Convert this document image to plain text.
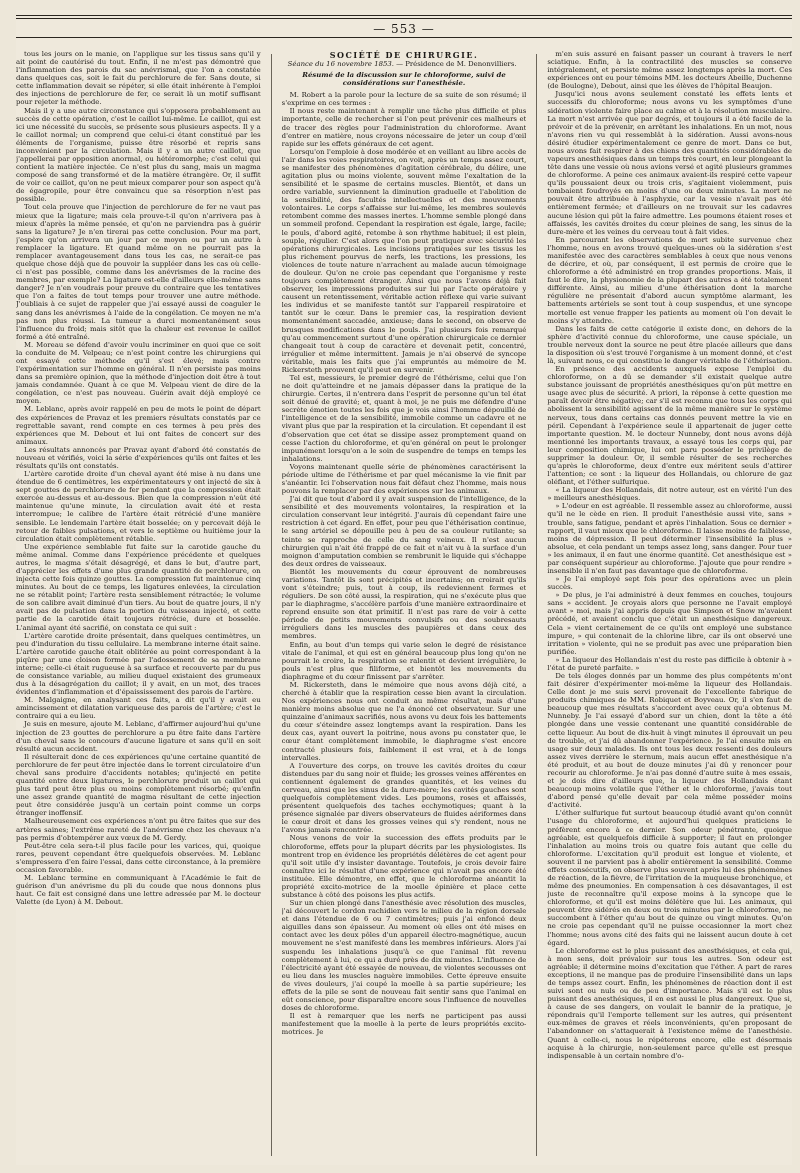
— 553 —

tous les jours on le manie, on l'applique sur les tissus sans qu'il y ait point de cautérisé du tout. Enfin, il ne m'est pas démontré que l'inflammation des parois du sac anévrismal, que l'on a constatée dans quelques cas, soit le fait du perchlorure de fer. Sans doute, si cette inflammation devait se répéter, si elle était inhérente à l'emploi des injections de perchlorure de fer, ce serait là un motif suffisant pour rejeter la méthode.

Mais il y a une autre circonstance qui s'opposera probablement au succès de cette opération, c'est le caillot lui-même. Le caillot, qui est ici une nécessité du succès, se présente sous plusieurs aspects. Il y a le caillot normal; un comprend que celui-ci étant constitué par les éléments de l'organisme, puisse être résorbé et repris sans inconvénient par la circulation. Mais il y a un autre caillot, que j'appellerai par opposition anormal, ou hétéromorphe; c'est celui qui contient la matière injectée. Ce n'est plus du sang, mais un magma composé de sang transformé et de la matière étrangère. Or, il suffit de voir ce caillot, qu'on ne peut mieux comparer pour son aspect qu'à de égagropile, pour être convaincu que sa résorption n'est pas possible.

Tout cela prouve que l'injection de perchlorure de fer ne vaut pas mieux que la ligature; mais cela prouve-t-il qu'on n'arrivera pas à mieux d'après la même pensée, et qu'on ne parviendra pas à guérir sans la ligature? Je n'en tirerai pas cette conclusion. Pour ma part, j'espère qu'on arrivera un jour par ce moyen ou par un autre à remplacer la ligature. Et quand même on ne pourrait pas la remplacer avantageusement dans tous les cas, ne serait-ce pas quelque chose déjà que de pouvoir la suppléer dans les cas où celle-ci n'est pas possible, comme dans les anévrismes de la racine des membres, par exemple? La ligature est-elle d'ailleurs elle-même sans danger? Je n'en voudrais pour preuve du contraire que les tentatives que l'on a faites de tout temps pour trouver une autre méthode. J'oubliais à ce sujet de rappeler que j'ai essayé aussi de coaguler le sang dans les anévrismes à l'aide de la congélation. Ce moyen ne m'a pas non plus réussi. La tumeur a durci momentanément sous l'influence du froid; mais sitôt que la chaleur est revenue le caillot formé a été entraîné.

M. Moreau se défend d'avoir voulu incriminer en quoi que ce soit la conduite de M. Velpeau; ce n'est point contre les chirurgiens qui ont essayé cette méthode qu'il s'est élevé; mais contre l'expérimentation sur l'homme en général. Il n'en persiste pas moins dans sa première opinion, que la méthode d'injection doit être à tout jamais condamnée. Quant à ce que M. Velpeau vient de dire de la congélation, ce n'est pas nouveau. Guérin avait déjà employé ce moyen.

M. Leblanc, après avoir rappelé en peu de mots le point de départ des expériences de Pravaz et les premiers résultats constatés par ce regrettable savant, rend compte en ces termes à peu près des expériences que M. Debout et lui ont faites de concert sur des animaux.

Les résultats annoncés par Pravaz ayant d'abord été constatés de nouveau et vérifiés, voici la série d'expériences qu'ils ont faites et les résultats qu'ils ont constatés.

L'artère carotide droite d'un cheval ayant été mise à nu dans une étendue de 6 centimètres, les expérimentateurs y ont injecté de six à sept gouttes de perchlorure de fer pendant que la compression était exercée au-dessus et au-dessous. Bien que la compression n'eût été maintenue qu'une minute, la circulation avait été et resta interrompue; le calibre de l'artère était rétrécié d'une manière sensible. Le lendemain l'artère était bosselée; on y percevait déjà le retour de faibles pulsations, et vers le septième ou huitième jour la circulation était complètement rétablie.

Une expérience semblable fut faite sur la carotide gauche du même animal. Comme dans l'expérience précédente et quelques autres, le magma s'était désagrégé, et dans le but, d'autre part, d'apprécier les effets d'une plus grande quantité de perchlorure, on injecta cette fois quinze gouttes. La compression fut maintenue cinq minutes. Au bout de ce temps, les ligatures enlevées, la circulation ne se rétablit point; l'artère resta sensiblement rétractée; le volume de son calibre avait diminué d'un tiers. Au bout de quatre jours, il n'y avait pas de pulsation dans la portion du vaisseau injecté, et cette partie de la carotide était toujours rétrécie, dure et bosselée. L'animal ayant été sacrifié, on constata ce qui suit :

L'artère carotide droite présentait, dans quelques centimètres, un peu d'induration du tissu cellulaire. La membrane interne était saine. L'artère carotide gauche était oblitérée au point correspondant à la piqûre par une cloison formée par l'adossement de sa membrane interne; celle-ci était rugueuse à sa surface et recouverte par du pus de consistance variable, au milieu duquel existaient des grumeaux dus à la désagrégation du caillot; il y avait, en un mot, des traces évidentes d'inflammation et d'épaississement des parois de l'artère.

M. Malgaigne, en analysant ces faits, a dit qu'il y avait eu amincissement et dilatation variqueuse des parois de l'artère; c'est le contraire qui a eu lieu.

Je suis en mesure, ajoute M. Leblanc, d'affirmer aujourd'hui qu'une injection de 23 gouttes de perchlorure a pu être faite dans l'artère d'un cheval sans le concours d'aucune ligature et sans qu'il en soit résulté aucun accident.

Il résulterait donc de ces expériences qu'une certaine quantité de perchlorure de fer peut être injectée dans le torrent circulatoire d'un cheval sans produire d'accidents notables; qu'injecté en petite quantité entre deux ligatures, le perchlorure produit un caillot qui plus tard peut être plus ou moins complètement résorbé; qu'enfin une assez grande quantité de magma résultant de cette injection peut être considérée jusqu'à un certain point comme un corps étranger inoffensif.

Malheureusement ces expériences n'ont pu être faites que sur des artères saines; l'extrême rareté de l'anévrisme chez les chevaux n'a pas permis d'obtempérer aux vœux de M. Gerdy.

Peut-être cela sera-t-il plus facile pour les varices, qui, quoique rares, peuvent cependant être quelquefois observées. M. Leblanc s'empressera d'en faire l'essai, dans cette circonstance, à la première occasion favorable.

M. Leblanc termine en communiquant à l'Académie le fait de guérison d'un anévrisme du pli du coude que nous donnons plus haut. Ce fait est consigné dans une lettre adressée par M. le docteur Valette (de Lyon) à M. Debout.

SOCIÉTÉ DE CHIRURGIE.

Séance du 16 novembre 1853. — Présidence de M. Denonvilliers.

Résumé de la discussion sur le chloroforme, suivi de considérations sur l'anesthésie.

M. Robert a la parole pour la lecture de sa suite de son résumé; il s'exprime en ces termes :

Il nous reste maintenant à remplir une tâche plus difficile et plus importante, celle de rechercher si l'on peut prévenir ces malheurs et de tracer des règles pour l'administration du chloroforme. Avant d'entrer en matière, nous croyons nécessaire de jeter un coup d'œil rapide sur les effets généraux de cet agent.

Lorsqu'on l'emploie à dose modérée et en veillant au libre accès de l'air dans les voies respiratoires, on voit, après un temps assez court, se manifester des phénomènes d'agitation cérébrale, du délire, une agitation plus ou moins violente, souvent même l'exaltation de la sensibilité et le spasme de certains muscles. Bientôt, et dans un ordre variable, surviennent la diminution graduelle et l'abolition de la sensibilité, des facultés intellectuelles et des mouvements volontaires. Le corps s'affaisse sur lui-même, les membres soulevés retombent comme des masses inertes. L'homme semble plongé dans un sommeil profond. Cependant la respiration est égale, large, facile; le pouls, d'abord agité, retombe à son rhythme habituel; il est plein, souple, régulier. C'est alors que l'on peut pratiquer avec sécurité les opérations chirurgicales. Les incisions pratiquées sur les tissus les plus richement pourvus de nerfs, les tractions, les pressions, les violences de toute nature n'arrachent au malade aucun témoignage de douleur. Qu'on ne croie pas cependant que l'organisme y reste toujours complètement étranger. Ainsi que nous l'avons déjà fait observer, les impressions produites sur lui par l'acte opératoire y causent un retentissement, véritable action réflexe qui varie suivant les individus et se manifeste tantôt sur l'appareil respiratoire et tantôt sur le cœur. Dans le premier cas, la respiration devient momentanément saccadée, anxieuse; dans le second, on observe de brusques modifications dans le pouls. J'ai plusieurs fois remarqué qu'au commencement surtout d'une opération chirurgicale ce dernier changeait tout à coup de caractère et devenait petit, concentré, irrégulier et même intermittent. Jamais je n'ai observé de syncope véritable, mais les faits que j'ai empruntés au mémoire de M. Rickersteth prouvent qu'il peut en survenir.

Tel est, messieurs, le premier degré de l'éthérisme, celui que l'on ne doit qu'atteindre et ne jamais dépasser dans la pratique de la chirurgie. Certes, il n'entrera dans l'esprit de personne qu'un tel état soit dénué de gravité; et, quant à moi, je ne puis me défendre d'une secrète émotion toutes les fois que je vois ainsi l'homme dépouillé de l'intelligence et de la sensibilité, immobile comme un cadavre et ne vivant plus que par la respiration et la circulation. Et cependant il est d'observation que cet état se dissipe assez promptement quand on cesse l'action du chloroforme, et qu'en général on peut le prolonger impunément lorsqu'on a le soin de suspendre de temps en temps les inhalations.

Voyons maintenant quelle série de phénomènes caractérisent la période ultime de l'éthérisme et par quel mécanisme la vie finit par s'anéantir. Ici l'observation nous fait défaut chez l'homme, mais nous pouvons la remplacer par des expériences sur les animaux.

J'ai dit que tout d'abord il y avait suspension de l'intelligence, de la sensibilité et des mouvements volontaires, la respiration et la circulation conservant leur intégrité. J'aurais dû cependant faire une restriction à cet égard. En effet, pour peu que l'éthérisation continue, le sang artériel se dépouille peu à peu de sa couleur rutilante; sa teinte se rapproche de celle du sang veineux. Il n'est aucun chirurgien qui n'ait été frappé de ce fait et n'ait vu à la surface d'un moignon d'amputation combien se rembrunit le liquide qui s'échappe des deux ordres de vaisseaux.

Bientôt les mouvements du cœur éprouvent de nombreuses variations. Tantôt ils sont précipités et incertains; on croirait qu'ils vont s'éteindre; puis, tout à coup, ils redeviennent fermes et réguliers. De son côté aussi, la respiration, qui ne s'exécute plus que par le diaphragme, s'accélère parfois d'une manière extraordinaire et reprend ensuite son état primitif. Il n'est pas rare de voir à cette période de petits mouvements convulsifs ou des soubresauts irréguliers dans les muscles des paupières et dans ceux des membres.

Enfin, au bout d'un temps qui varie selon le degré de résistance vitale de l'animal, et qui est en général beaucoup plus long qu'on ne pourrait le croire, la respiration se ralentit et devient irrégulière, le pouls n'est plus que filiforme, et bientôt les mouvements du diaphragme et du cœur finissent par s'arrêter.

M. Rickersteth, dans le mémoire que nous avons déjà cité, a cherché à établir que la respiration cesse bien avant la circulation. Nos expériences nous ont conduit au même résultat, mais d'une manière moins absolue que ne l'a énoncé cet observateur. Sur une quinzaine d'animaux sacrifiés, nous avons vu deux fois les battements du cœur s'éteindre assez longtemps avant la respiration. Dans les deux cas, ayant ouvert la poitrine, nous avons pu constater que, le cœur étant complètement immobile, le diaphragme s'est encore contracté plusieurs fois, faiblement il est vrai, et à de longs intervalles.

A l'ouverture des corps, on trouve les cavités droites du cœur distendues par du sang noir et fluide; les grosses veines afférentes en contiennent également de grandes quantités, et les veines du cerveau, ainsi que les sinus de la dure-mère; les cavités gauches sont quelquefois complètement vides. Les poumons, roses et affaissés, présentent quelquefois des taches ecchymotiques; quant à la présence signalée par divers observateurs de fluides aériformes dans le cœur droit et dans les grosses veines qui s'y rendent, nous ne l'avons jamais rencontrée.

Nous venons de voir la succession des effets produits par le chloroforme, effets pour la plupart décrits par les physiologistes. Ils montrent trop en évidence les propriétés délétères de cet agent pour qu'il soit utile d'y insister davantage. Toutefois, je crois devoir faire connaître ici le résultat d'une expérience qui n'avait pas encore été instituée. Elle démontre, en effet, que le chloroforme anéantit la propriété excito-motrice de la moelle épinière et place cette substance à côté des poisons les plus actifs.

Sur un chien plongé dans l'anesthésie avec résolution des muscles, j'ai découvert le cordon rachidien vers le milieu de la région dorsale et dans l'étendue de 6 ou 7 centimètres; puis j'ai enfoncé deux aiguilles dans son épaisseur. Au moment où elles ont été mises en contact avec les deux pôles d'un appareil électro-magnétique, aucun mouvement ne s'est manifesté dans les membres inférieurs. Alors j'ai suspendu les inhalations jusqu'à ce que l'animal fût revenu complètement à lui, ce qui a duré près de dix minutes. L'influence de l'électricité ayant été essayée de nouveau, de violentes secousses ont eu lieu dans les muscles naguère immobiles. Cette épreuve ensuite de vives douleurs, j'ai coupé la moelle à sa partie supérieure; les effets de la pile se sont de nouveau fait sentir sans que l'animal en eût conscience, pour disparaître encore sous l'influence de nouvelles doses de chloroforme.

Il est à remarquer que les nerfs ne participent pas aussi manifestement que la moelle à la perte de leurs propriétés excito-motrices. Je

m'en suis assuré en faisant passer un courant à travers le nerf sciatique. Enfin, à la contractilité des muscles se conserve intégralement, et persiste même assez longtemps après la mort. Ces expériences ont eu pour témoins MM. les docteurs Abeille, Duchenne (de Boulogne), Debout, ainsi que les élèves de l'hôpital Beaujon.

Jusqu'ici nous avons seulement constaté les effets lents et successifs du chloroforme; nous avons vu les symptômes d'une sidération violente faire place au calme et à la résolution musculaire. La mort n'est arrivée que par degrés, et toujours il a été facile de la prévoir et de la prévenir, en arrêtant les inhalations. En un mot, nous n'avons rien vu qui ressemblât à la sidération. Aussi avons-nous désiré étudier expérimentalement ce genre de mort. Dans ce but, nous avons fait respirer à des chiens des quantités considérables de vapeurs anesthésiques dans un temps très court, en leur plongeant la tête dans une vessie où nous avions versé et agité plusieurs grammes de chloroforme. A peine ces animaux avaient-ils respiré cette vapeur qu'ils poussaient deux ou trois cris, s'agitaient violemment, puis tombaient foudroyés en moins d'une ou deux minutes. La mort ne pouvait être attribuée à l'asphyxie, car la vessie n'avait pas été entièrement fermée; et d'ailleurs on ne trouvait sur les cadavres aucune lésion qui pût la faire admettre. Les poumons étaient roses et affaissés, les cavités droites du cœur pleines de sang, les sinus de la dure-mère et les veines du cerveau tout à fait vides.

En parcourant les observations de mort subite survenue chez l'homme, nous en avons trouvé quelques-unes où la sidération s'est manifestée avec des caractères semblables à ceux que nous venons de décrire, et où, par conséquent, il est permis de croire que le chloroforme a été administré en trop grandes proportions. Mais, il faut le dire, la physionomie de la plupart des autres a été totalement différente. Ainsi, au milieu d'une éthérisation dont la marche régulière ne présentait d'abord aucun symptôme alarmant, les battements artériels se sont tout à coup suspendus, et une syncope mortelle est venue frapper les patients au moment où l'on devait le moins s'y attendre.

Dans les faits de cette catégorie il existe donc, en dehors de la sphère d'activité connue du chloroforme, une cause spéciale, un trouble nerveux dont la source ne peut être placée ailleurs que dans la disposition où s'est trouvé l'organisme à un moment donné, et c'est là, suivant nous, ce qui constitue le danger véritable de l'éthérisation.

En présence des accidents auxquels expose l'emploi du chloroforme, on a dû se demander s'il existait quelque autre substance jouissant de propriétés anesthésiques qu'on pût mettre en usage avec plus de sécurité. A priori, la réponse à cette question me paraît devoir être négative; car s'il est reconnu que tous les corps qui abolissent la sensibilité agissent de la même manière sur le système nerveux, tous dans certains cas donnés peuvent mettre la vie en péril. Cependant à l'expérience seule il appartenait de juger cette importante question. M. le docteur Nunneby, dont nous avons déjà mentionné les importants travaux, a essayé tous les corps qui, par leur composition chimique, lui ont paru posséder le privilège de supprimer la douleur. Or, il semble résulter de ses recherches qu'après le chloroforme, deux d'entre eux méritent seuls d'attirer l'attention; ce sont : la liqueur des Hollandais, ou chlorure de gaz oléfiant, et l'éther sulfurique.

« La liqueur des Hollandais, dit notre auteur, est en vérité l'un des » meilleurs anesthésiques.

» L'odeur en est agréable. Il ressemble assez au chloroforme, aussi qu'il ne le cède en rien. Il produit l'anesthésie aussi vite, sans » trouble, sans fatigue, pendant et après l'inhalation. Sous ce dernier » rapport, il vaut mieux que le chloroforme. Il laisse moins de faiblesse, moins de dépression. Il peut déterminer l'insensibilité la plus » absolue, et cela pendant un temps assez long, sans danger. Pour tuer » les animaux, il en faut une énorme quantité. Cet anesthésique est » par conséquent supérieur au chloroforme. J'ajoute que pour rendre » insensible il n'en faut pas davantage que de chloroforme.

» Je l'ai employé sept fois pour des opérations avec un plein succès.

» De plus, je l'ai administré à deux femmes en couches, toujours sans » accident. Je croyais alors que personne ne l'avait employé avant » moi, mais j'ai appris depuis que Simpson et Snow m'avaient précédé, et avaient conclu que c'était un anesthésique dangereux. Cela » vient certainement de ce qu'ils ont employé une substance impure, » qui contenait de la chlorine libre, car ils ont observé une irritation » violente, qui ne se produit pas avec une préparation bien purifiée.

» La liqueur des Hollandais n'est du reste pas difficile à obtenir à » l'état de pureté parfaite. »

De tels éloges donnés par un homme des plus compétents m'ont fait désirer d'expérimenter moi-même la liqueur des Hollandais. Celle dont je me suis servi provenait de l'excellente fabrique de produits chimiques de MM. Robiquet et Boyveau. Or, il s'en faut de beaucoup que mes résultats s'accordent avec ceux qu'a obtenus M. Nunneby. Je l'ai essayé d'abord sur un chien, dont la tête a été plongée dans une vessie contenant une quantité considérable de cette liqueur. Au bout de dix-huit à vingt minutes il éprouvait un peu de trouble, et j'ai dû abandonner l'expérience. Je l'ai ensuite mis en usage sur deux malades. Ils ont tous les deux ressenti des douleurs assez vives derrière le sternum, mais aucun effet anesthésique n'a été produit, et au bout de douze minutes j'ai dû y renoncer pour recourir au chloroforme. Je n'ai pas donné d'autre suite à mes essais, et je dois dire d'ailleurs que, la liqueur des Hollandais étant beaucoup moins volatile que l'éther et le chloroforme, j'avais tout d'abord pensé qu'elle devait par cela même posséder moins d'activité.

L'éther sulfurique fut surtout beaucoup étudié avant qu'on connût l'usage du chloroforme, et aujourd'hui quelques praticiens le préfèrent encore à ce dernier. Son odeur pénétrante, quoique agréable, est quelquefois difficile à supporter; il faut en prolonger l'inhalation au moins trois ou quatre fois autant que celle du chloroforme. L'excitation qu'il produit est longue et violente, et souvent il ne parvient pas à abolir entièrement la sensibilité. Comme effets consécutifs, on observe plus souvent après lui des phénomènes de réaction, de la fièvre, de l'irritation de la muqueuse bronchique, et même des pneumonies. En compensation à ces désavantages, il est juste de reconnaître qu'il expose moins à la syncope que le chloroforme, et qu'il est moins délétère que lui. Les animaux, qui peuvent être sidérés en deux ou trois minutes par le chloroforme, ne succombent à l'éther qu'au bout de quinze ou vingt minutes. Qu'on ne croie pas cependant qu'il ne puisse occasionner la mort chez l'homme; nous avons cité des faits qui ne laissent aucun doute à cet égard.

Le chloroforme est le plus puissant des anesthésiques, et cela qui, à mon sens, doit prévaloir sur tous les autres. Son odeur est agréable; il détermine moins d'excitation que l'éther. A part de rares exceptions, il ne manque pas de produire l'insensibilité dans un laps de temps assez court. Enfin, les phénomènes de réaction dont il est suivi sont ou nuls ou de peu d'importance. Mais s'il est le plus puissant des anesthésiques, il en est aussi le plus dangereux. Que si, à cause de ses dangers, on voulait le bannir de la pratique, je répondrais qu'il l'emporte tellement sur les autres, qui présentent eux-mêmes de graves et réels inconvénients, qu'en proposant de l'abandonner on s'attaquerait à l'existence même de l'anesthésie. Quant à celle-ci, nous le répéterons encore, elle est désormais acquise à la chirurgie, non-seulement parce qu'elle est presque indispensable à un certain nombre d'o-
